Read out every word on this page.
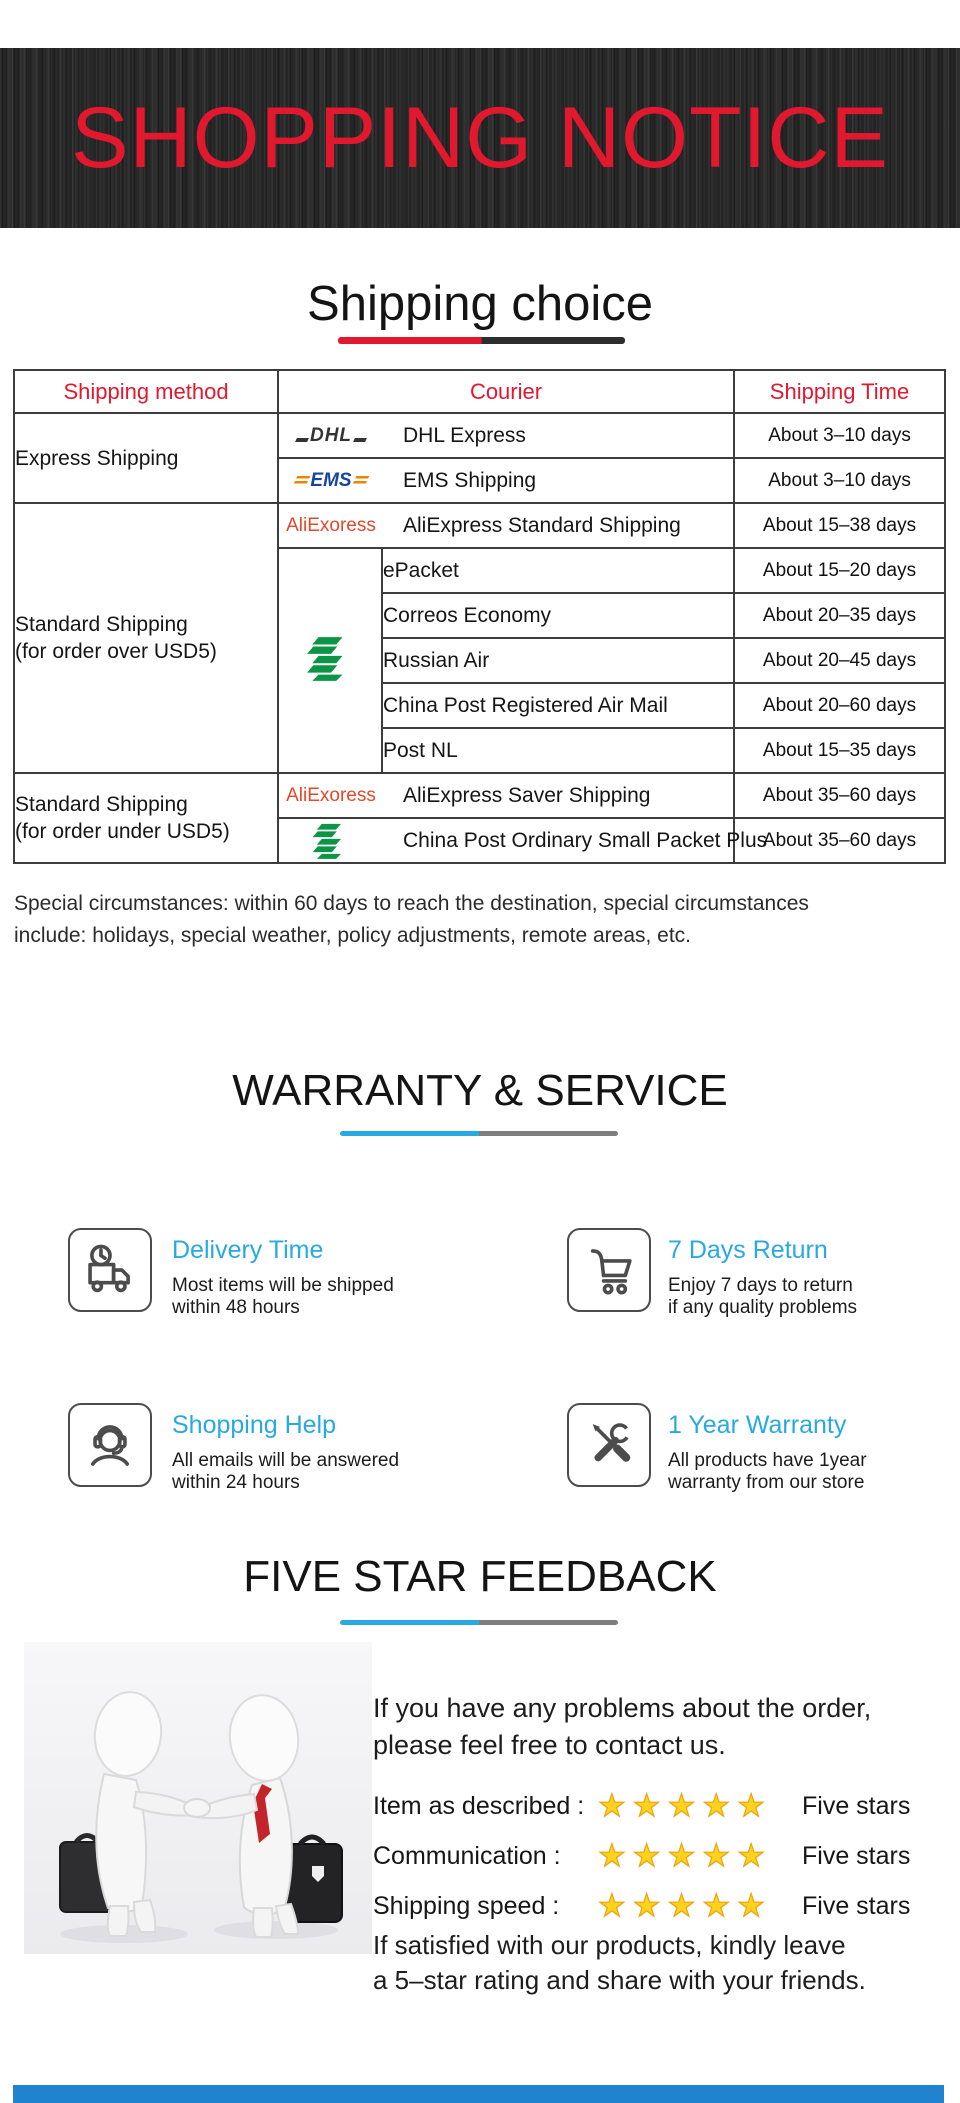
SHOPPING NOTICE
Shipping choice
Shipping method	Courier		Shipping Time
Express Shipping	DHL DHL Express		About 3–10 days

	EMS EMS Shipping		About 3–10 days

Standard Shipping
(for order over USD5)

AliExoress AliExpress Standard Shipping	About 15–38 days
	ePacket	About 15–20 days
		Correos Economy	About 20–35 days
		Russian Air	About 20–45 days
		China Post Registered Air Mail	About 20–60 days
		Post NL	About 15–35 days

Standard Shipping
(for order under USD5)

AliExoress AliExpress Saver Shipping	About 35–60 days

	China Post Ordinary Small Packet Plus		About 35–60 days
Special circumstances: within 60 days to reach the destination, special circumstances
include: holidays, special weather, policy adjustments, remote areas, etc.
WARRANTY & SERVICE
Delivery Time
Most items will be shipped
within 48 hours
7 Days Return
Enjoy 7 days to return
if any quality problems
Shopping Help
All emails will be answered
within 24 hours
1 Year Warranty
All products have 1year
warranty from our store
FIVE STAR FEEDBACK
If you have any problems about the order,
please feel free to contact us.
Item as described : ★★★★★ Five stars
Communication : ★★★★★ Five stars
Shipping speed : ★★★★★ Five stars
If satisfied with our products, kindly leave
a 5–star rating and share with your friends.
